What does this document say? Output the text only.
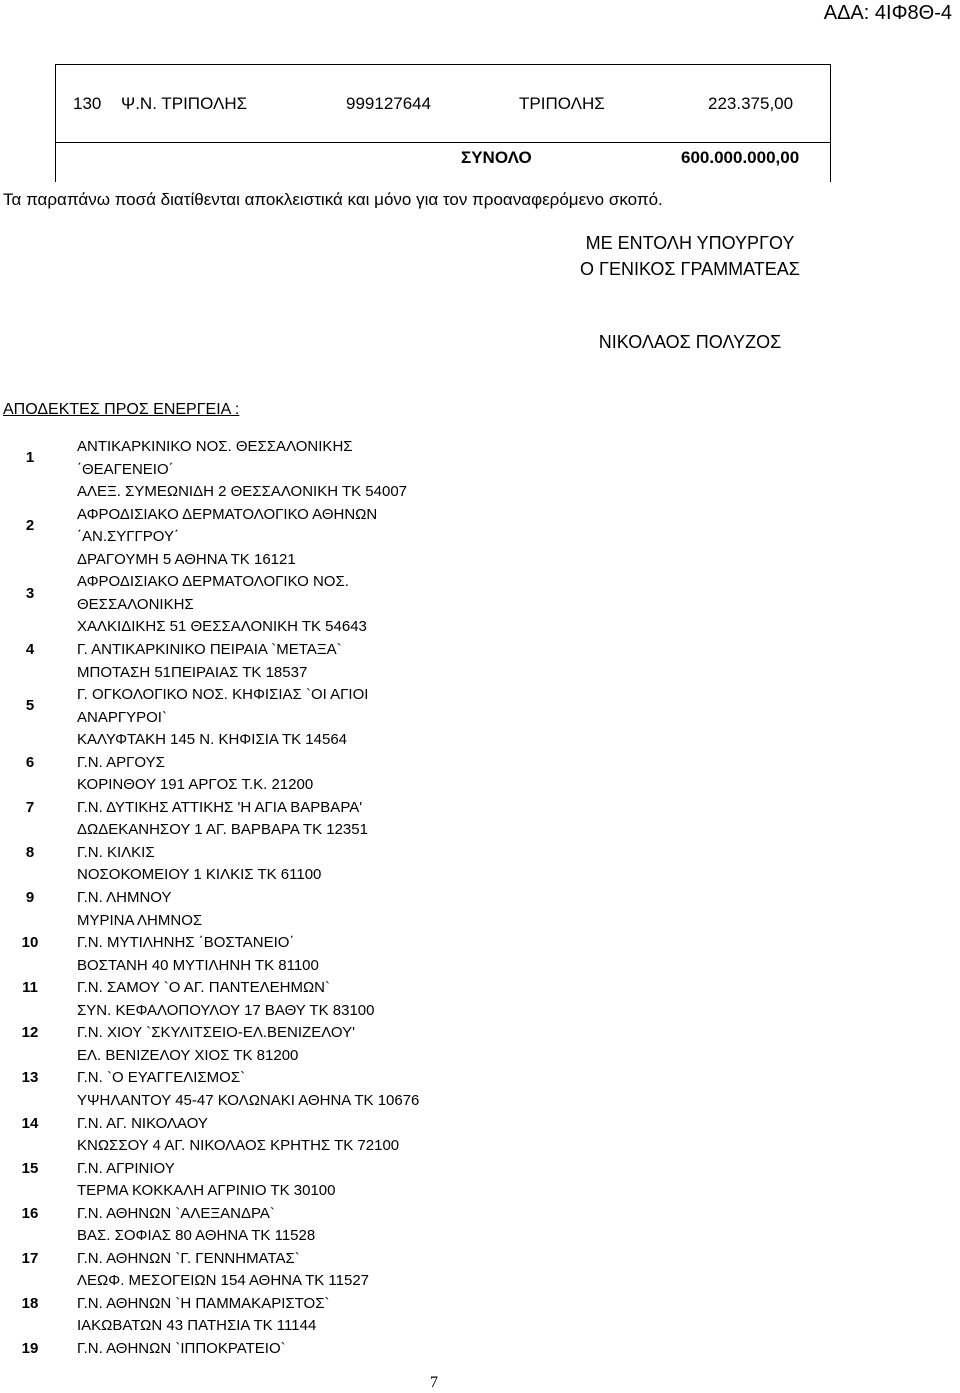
ΑΔΑ: 4ΙΦ8Θ-4
130 Ψ.Ν. ΤΡΙΠΟΛΗΣ	999127644	ΤΡΙΠΟΛΗΣ	223.375,00
ΣΥΝΟΛΟ	600.000.000,00
Τα παραπάνω ποσά διατίθενται αποκλειστικά και μόνο για τον προαναφερόμενο σκοπό.
ΜΕ ΕΝΤΟΛΗ ΥΠΟΥΡΓΟΥ
Ο ΓΕΝΙΚΟΣ ΓΡΑΜΜΑΤΕΑΣ
ΝΙΚΟΛΑΟΣ ΠΟΛΥΖΟΣ
ΑΠΟΔΕΚΤΕΣ ΠΡΟΣ ΕΝΕΡΓΕΙΑ :
1
ΑΝΤΙΚΑΡΚΙΝΙΚΟ ΝΟΣ. ΘΕΣΣΑΛΟΝΙΚΗΣ
΄ΘΕΑΓΕΝΕΙΟ΄
ΑΛΕΞ. ΣΥΜΕΩΝΙΔΗ 2 ΘΕΣΣΑΛΟΝΙΚΗ ΤΚ 54007
2
ΑΦΡΟΔΙΣΙΑΚΟ ΔΕΡΜΑΤΟΛΟΓΙΚΟ ΑΘΗΝΩΝ
΄ΑΝ.ΣΥΓΓΡΟΥ΄
ΔΡΑΓΟΥΜΗ 5 ΑΘΗΝΑ ΤΚ 16121
3
ΑΦΡΟΔΙΣΙΑΚΟ ΔΕΡΜΑΤΟΛΟΓΙΚΟ ΝΟΣ.
ΘΕΣΣΑΛΟΝΙΚΗΣ
ΧΑΛΚΙΔΙΚΗΣ 51 ΘΕΣΣΑΛΟΝΙΚΗ ΤΚ 54643
4	Γ. ΑΝΤΙΚΑΡΚΙΝΙΚΟ ΠΕΙΡΑΙΑ `ΜΕΤΑΞΑ`
ΜΠΟΤΑΣΗ 51ΠΕΙΡΑΙΑΣ ΤΚ 18537
5
Γ. ΟΓΚΟΛΟΓΙΚΟ ΝΟΣ. ΚΗΦΙΣΙΑΣ `ΟΙ ΑΓΙΟΙ
ΑΝΑΡΓΥΡΟΙ`
ΚΑΛΥΦΤΑΚΗ 145 Ν. ΚΗΦΙΣΙΑ ΤΚ 14564
6	Γ.Ν. ΑΡΓΟΥΣ
ΚΟΡΙΝΘΟΥ 191 ΑΡΓΟΣ Τ.Κ. 21200
7	Γ.Ν. ΔΥΤΙΚΗΣ ΑΤΤΙΚΗΣ 'Η ΑΓΙΑ ΒΑΡΒΑΡΑ'
ΔΩΔΕΚΑΝΗΣΟΥ 1 ΑΓ. ΒΑΡΒΑΡΑ ΤΚ 12351
8	Γ.Ν. ΚΙΛΚΙΣ
ΝΟΣΟΚΟΜΕΙΟΥ 1 ΚΙΛΚΙΣ ΤΚ 61100
9	Γ.Ν. ΛΗΜΝΟΥ
ΜΥΡΙΝΑ ΛΗΜΝΟΣ
10	Γ.Ν. ΜΥΤΙΛΗΝΗΣ ΄ΒΟΣΤΑΝΕΙΟ΄
ΒΟΣΤΑΝΗ 40 ΜΥΤΙΛΗΝΗ ΤΚ 81100
11	Γ.Ν. ΣΑΜΟΥ `Ο ΑΓ. ΠΑΝΤΕΛΕΗΜΩΝ`
ΣΥΝ. ΚΕΦΑΛΟΠΟΥΛΟΥ 17 ΒΑΘΥ ΤΚ 83100
12	Γ.Ν. ΧΙΟΥ `ΣΚΥΛΙΤΣΕΙΟ-ΕΛ.ΒΕΝΙΖΕΛΟΥ'
ΕΛ. ΒΕΝΙΖΕΛΟΥ ΧΙΟΣ ΤΚ 81200
13	Γ.Ν. `Ο ΕΥΑΓΓΕΛΙΣΜΟΣ`
ΥΨΗΛΑΝΤΟΥ 45-47 ΚΟΛΩΝΑΚΙ ΑΘΗΝΑ ΤΚ 10676
14	Γ.Ν. ΑΓ. ΝΙΚΟΛΑΟΥ
ΚΝΩΣΣΟΥ 4 ΑΓ. ΝΙΚΟΛΑΟΣ ΚΡΗΤΗΣ ΤΚ 72100
15	Γ.Ν. ΑΓΡΙΝΙΟΥ
ΤΕΡΜΑ ΚΟΚΚΑΛΗ ΑΓΡΙΝΙΟ ΤΚ 30100
16	Γ.Ν. ΑΘΗΝΩΝ `ΑΛΕΞΑΝΔΡΑ`
ΒΑΣ. ΣΟΦΙΑΣ 80 ΑΘΗΝΑ ΤΚ 11528
17	Γ.Ν. ΑΘΗΝΩΝ `Γ. ΓΕΝΝΗΜΑΤΑΣ`
ΛΕΩΦ. ΜΕΣΟΓΕΙΩΝ 154 ΑΘΗΝΑ ΤΚ 11527
18	Γ.Ν. ΑΘΗΝΩΝ `Η ΠΑΜΜΑΚΑΡΙΣΤΟΣ`
ΙΑΚΩΒΑΤΩΝ 43 ΠΑΤΗΣΙΑ ΤΚ 11144
19	Γ.Ν. ΑΘΗΝΩΝ `ΙΠΠΟΚΡΑΤΕΙΟ`
7
